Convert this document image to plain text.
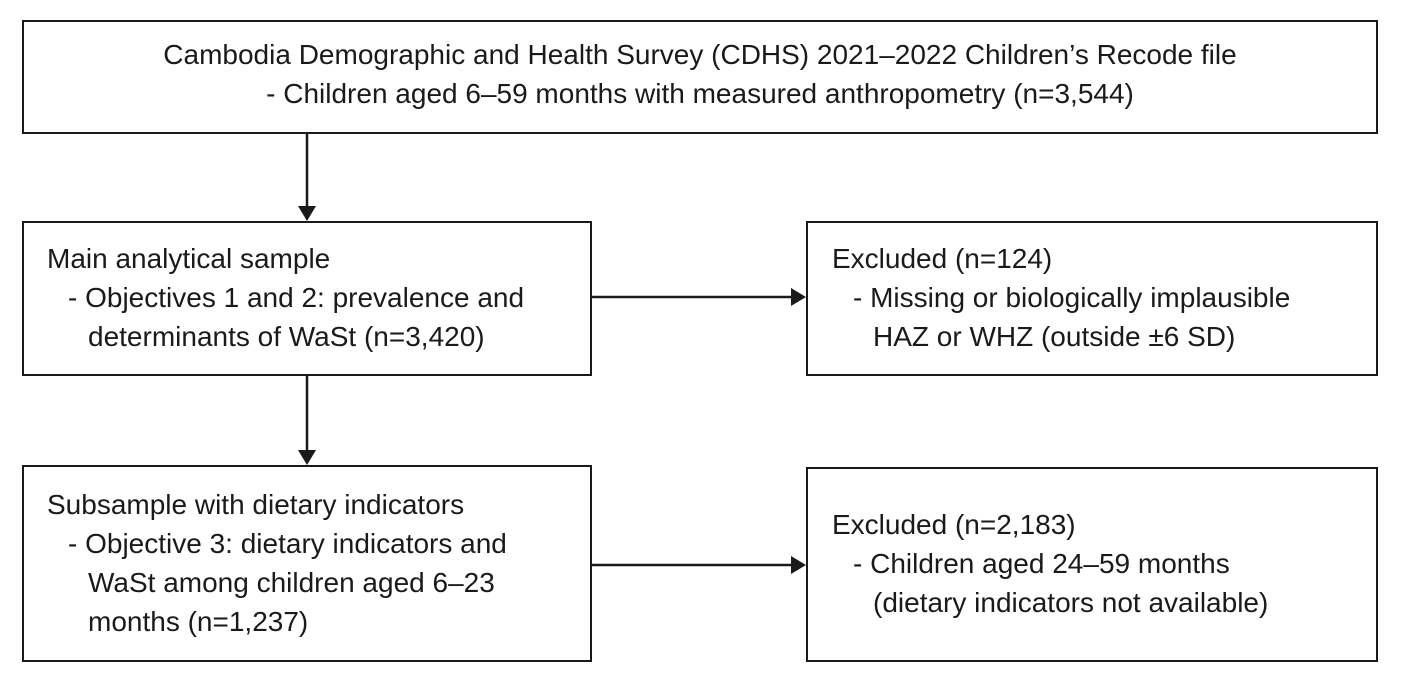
Cambodia Demographic and Health Survey (CDHS) 2021–2022 Children’s Recode file
- Children aged 6–59 months with measured anthropometry (n=3,544)
Main analytical sample
- Objectives 1 and 2: prevalence and
determinants of WaSt (n=3,420)
Excluded (n=124)
- Missing or biologically implausible
HAZ or WHZ (outside ±6 SD)
Subsample with dietary indicators
- Objective 3: dietary indicators and
WaSt among children aged 6–23
months (n=1,237)
Excluded (n=2,183)
- Children aged 24–59 months
(dietary indicators not available)
